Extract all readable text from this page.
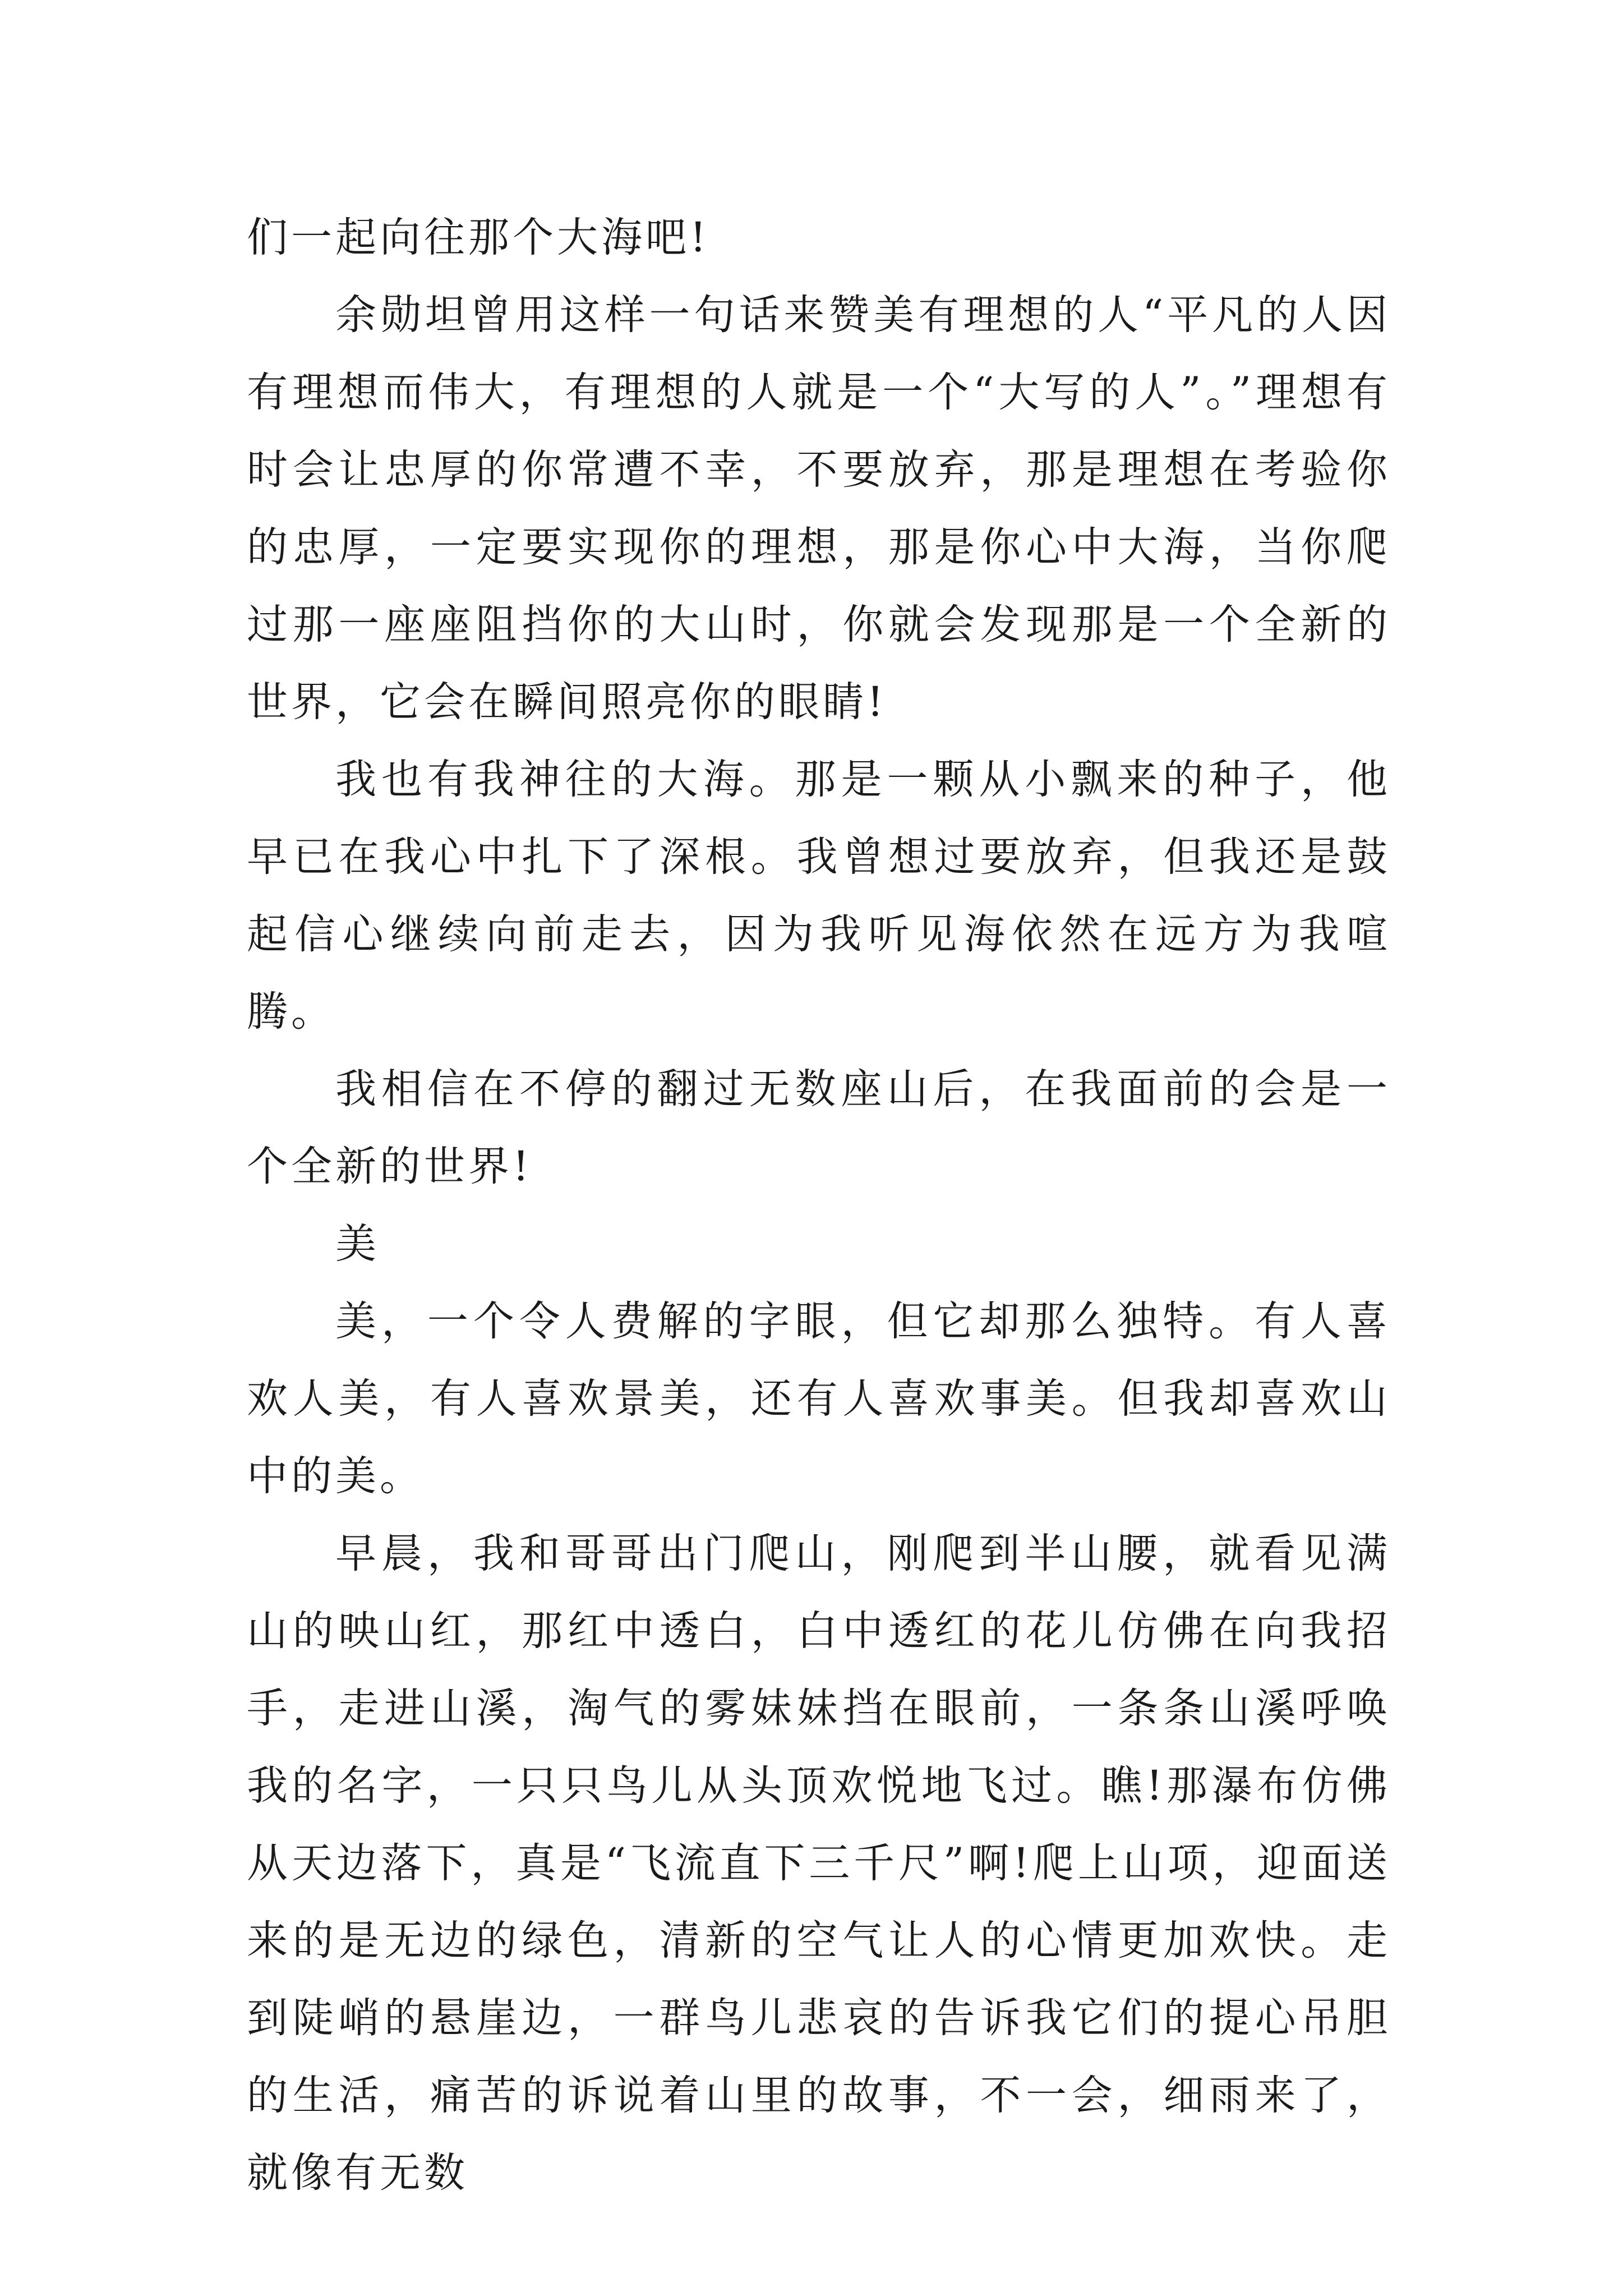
们一起向往那个大海吧!

余勋坦曾用这样一句话来赞美有理想的人“平凡的人因有理想而伟大，有理想的人就是一个“大写的人”。”理想有时会让忠厚的你常遭不幸，不要放弃，那是理想在考验你的忠厚，一定要实现你的理想，那是你心中大海，当你爬过那一座座阻挡你的大山时，你就会发现那是一个全新的世界，它会在瞬间照亮你的眼睛!

我也有我神往的大海。那是一颗从小飘来的种子，他早已在我心中扎下了深根。我曾想过要放弃，但我还是鼓起信心继续向前走去，因为我听见海依然在远方为我喧腾。

我相信在不停的翻过无数座山后，在我面前的会是一个全新的世界!

美

美，一个令人费解的字眼，但它却那么独特。有人喜欢人美，有人喜欢景美，还有人喜欢事美。但我却喜欢山中的美。

早晨，我和哥哥出门爬山，刚爬到半山腰，就看见满山的映山红，那红中透白，白中透红的花儿仿佛在向我招手，走进山溪，淘气的雾妹妹挡在眼前，一条条山溪呼唤我的名字，一只只鸟儿从头顶欢悦地飞过。瞧!那瀑布仿佛从天边落下，真是“飞流直下三千尺”啊!爬上山项，迎面送来的是无边的绿色，清新的空气让人的心情更加欢快。走到陡峭的悬崖边，一群鸟儿悲哀的告诉我它们的提心吊胆的生活，痛苦的诉说着山里的故事，不一会，细雨来了，就像有无数
